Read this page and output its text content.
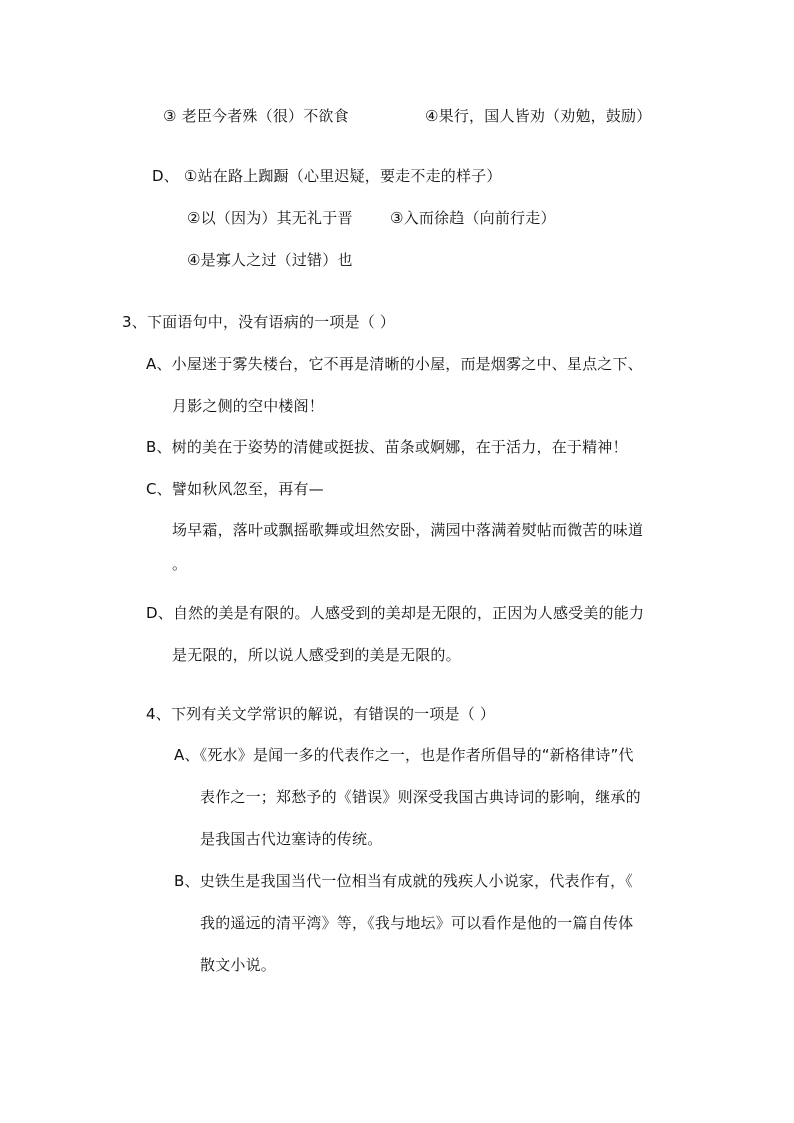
③ 老臣今者殊（很）不欲食	④果行，国人皆劝（劝勉，鼓励）
D、 ①站在路上踟蹰（心里迟疑，要走不走的样子）
②以（因为）其无礼于晋 ③入而徐趋（向前行走）
④是寡人之过（过错）也
3、下面语句中，没有语病的一项是（ ）
A、小屋迷于雾失楼台，它不再是清晰的小屋，而是烟雾之中、星点之下、
月影之侧的空中楼阁！
B、树的美在于姿势的清健或挺拔、苗条或婀娜，在于活力，在于精神！
C、譬如秋风忽至，再有—
场早霜，落叶或飘摇歌舞或坦然安卧，满园中落满着熨帖而微苦的味道
。
D、自然的美是有限的。人感受到的美却是无限的，正因为人感受美的能力
是无限的，所以说人感受到的美是无限的。
4、下列有关文学常识的解说，有错误的一项是（ ）
A、《死水》是闻一多的代表作之一，也是作者所倡导的“新格律诗”代
表作之一；郑愁予的《错误》则深受我国古典诗词的影响，继承的
是我国古代边塞诗的传统。
B、史铁生是我国当代一位相当有成就的残疾人小说家，代表作有，《
我的遥远的清平湾》等，《我与地坛》可以看作是他的一篇自传体
散文小说。
